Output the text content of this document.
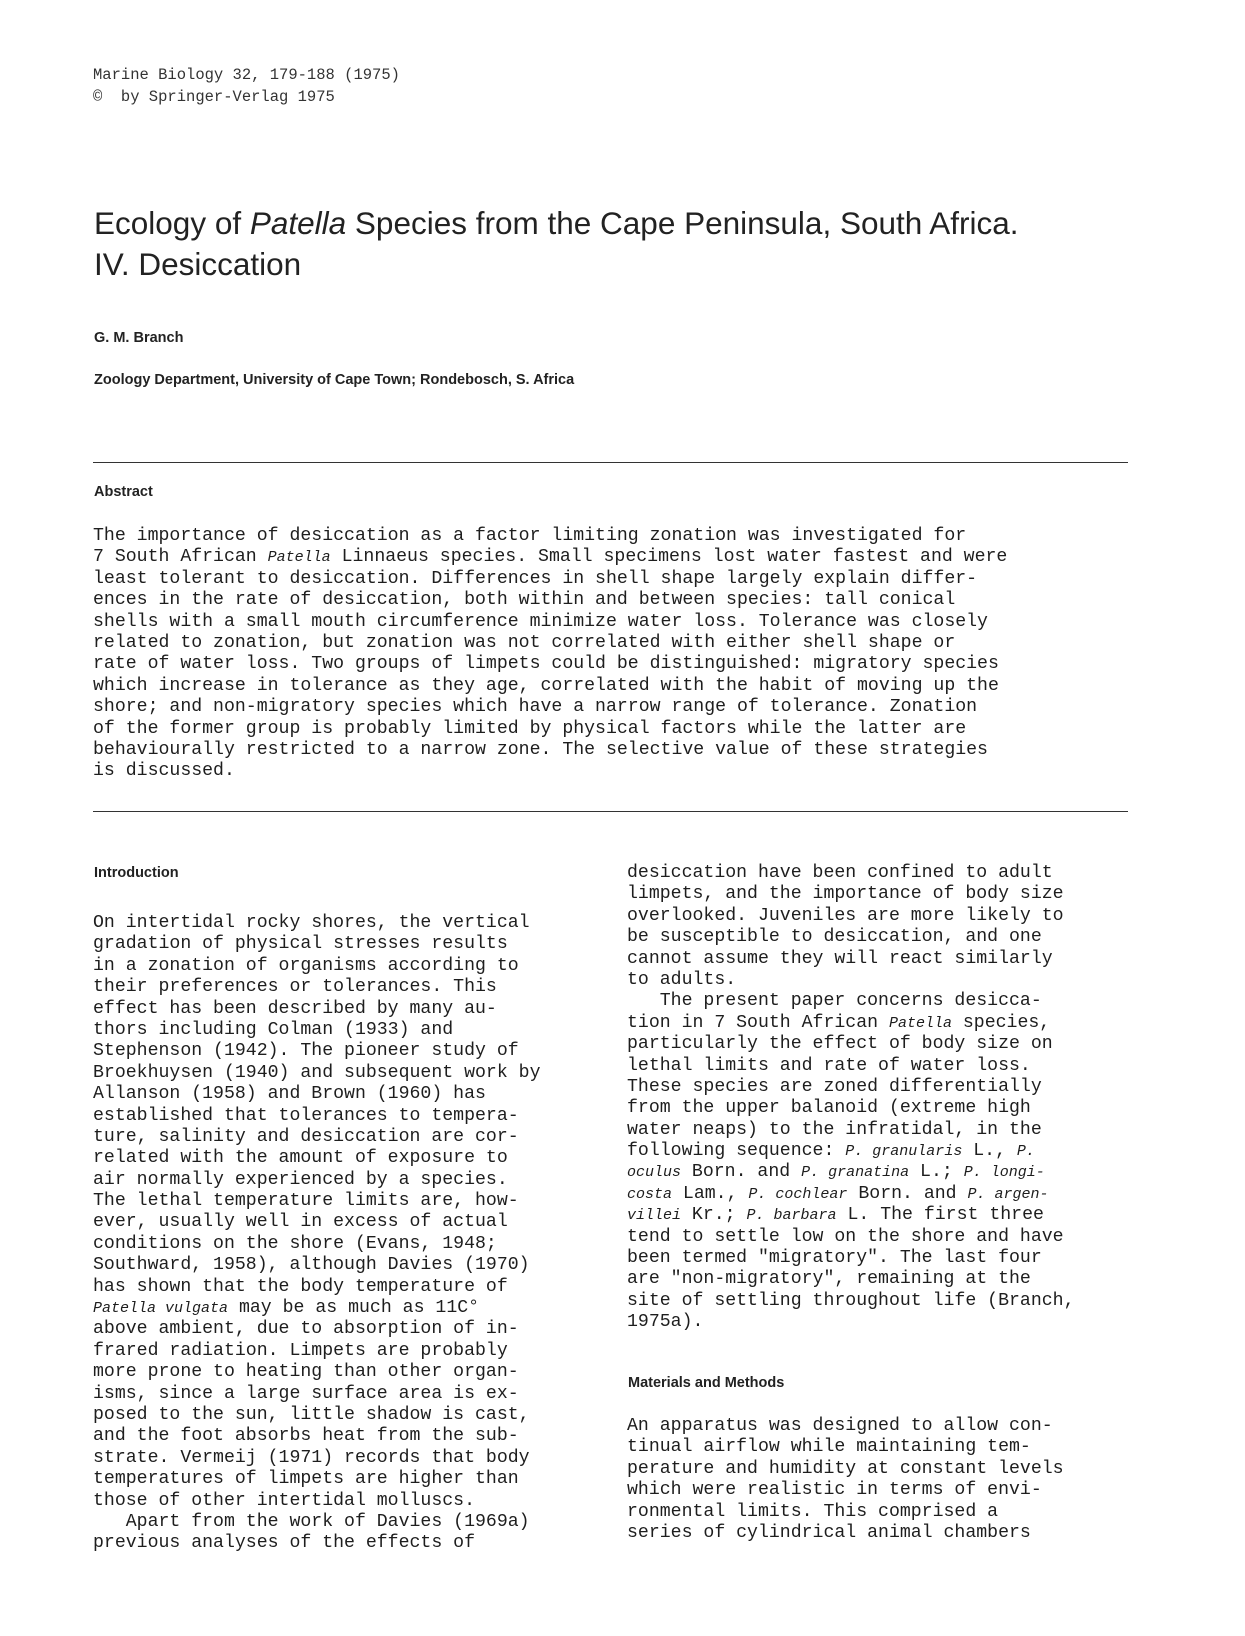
Marine Biology 32, 179-188 (1975)
©  by Springer-Verlag 1975
Ecology of Patella Species from the Cape Peninsula, South Africa.
IV. Desiccation
G. M. Branch
Zoology Department, University of Cape Town; Rondebosch, S. Africa
Abstract
The importance of desiccation as a factor limiting zonation was investigated for
7 South African Patella Linnaeus species. Small specimens lost water fastest and were
least tolerant to desiccation. Differences in shell shape largely explain differ-
ences in the rate of desiccation, both within and between species: tall conical
shells with a small mouth circumference minimize water loss. Tolerance was closely
related to zonation, but zonation was not correlated with either shell shape or
rate of water loss. Two groups of limpets could be distinguished: migratory species
which increase in tolerance as they age, correlated with the habit of moving up the
shore; and non-migratory species which have a narrow range of tolerance. Zonation
of the former group is probably limited by physical factors while the latter are
behaviourally restricted to a narrow zone. The selective value of these strategies
is discussed.
Introduction
On intertidal rocky shores, the vertical
gradation of physical stresses results
in a zonation of organisms according to
their preferences or tolerances. This
effect has been described by many au-
thors including Colman (1933) and
Stephenson (1942). The pioneer study of
Broekhuysen (1940) and subsequent work by
Allanson (1958) and Brown (1960) has
established that tolerances to tempera-
ture, salinity and desiccation are cor-
related with the amount of exposure to
air normally experienced by a species.
The lethal temperature limits are, how-
ever, usually well in excess of actual
conditions on the shore (Evans, 1948;
Southward, 1958), although Davies (1970)
has shown that the body temperature of
Patella vulgata may be as much as 11C°
above ambient, due to absorption of in-
frared radiation. Limpets are probably
more prone to heating than other organ-
isms, since a large surface area is ex-
posed to the sun, little shadow is cast,
and the foot absorbs heat from the sub-
strate. Vermeij (1971) records that body
temperatures of limpets are higher than
those of other intertidal molluscs.
Apart from the work of Davies (1969a)
previous analyses of the effects of
desiccation have been confined to adult
limpets, and the importance of body size
overlooked. Juveniles are more likely to
be susceptible to desiccation, and one
cannot assume they will react similarly
to adults.
The present paper concerns desicca-
tion in 7 South African Patella species,
particularly the effect of body size on
lethal limits and rate of water loss.
These species are zoned differentially
from the upper balanoid (extreme high
water neaps) to the infratidal, in the
following sequence: P. granularis L., P.
oculus Born. and P. granatina L.; P. longi-
costa Lam., P. cochlear Born. and P. argen-
villei Kr.; P. barbara L. The first three
tend to settle low on the shore and have
been termed "migratory". The last four
are "non-migratory", remaining at the
site of settling throughout life (Branch,
1975a).
Materials and Methods
An apparatus was designed to allow con-
tinual airflow while maintaining tem-
perature and humidity at constant levels
which were realistic in terms of envi-
ronmental limits. This comprised a
series of cylindrical animal chambers
